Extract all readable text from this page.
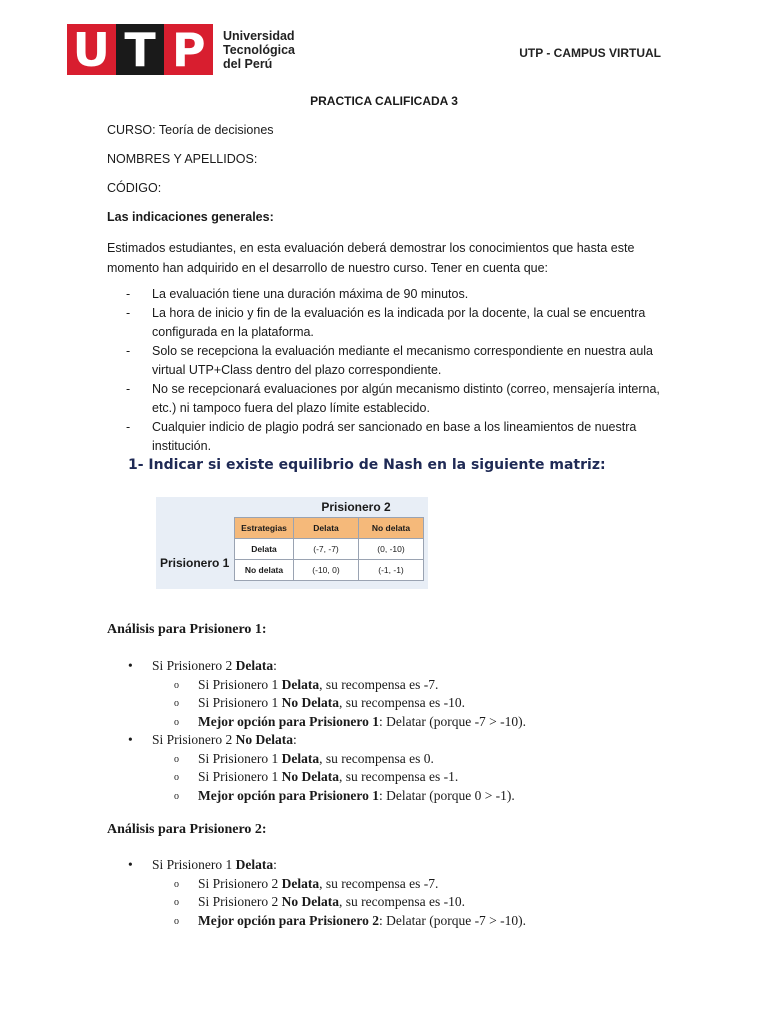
U T P	Universidad
Tecnológica
del Perú
UTP - CAMPUS VIRTUAL
PRACTICA CALIFICADA 3
CURSO: Teoría de decisiones
NOMBRES Y APELLIDOS:
CÓDIGO:
Las indicaciones generales:
Estimados estudiantes, en esta evaluación deberá demostrar los conocimientos que hasta este momento han adquirido en el desarrollo de nuestro curso. Tener en cuenta que:
- La evaluación tiene una duración máxima de 90 minutos.
- La hora de inicio y fin de la evaluación es la indicada por la docente, la cual se encuentra configurada en la plataforma.
- Solo se recepciona la evaluación mediante el mecanismo correspondiente en nuestra aula virtual UTP+Class dentro del plazo correspondiente.
- No se recepcionará evaluaciones por algún mecanismo distinto (correo, mensajería interna, etc.) ni tampoco fuera del plazo límite establecido.
- Cualquier indicio de plagio podrá ser sancionado en base a los lineamientos de nuestra institución.
1- Indicar si existe equilibrio de Nash en la siguiente matriz:
Prisionero 2
Prisionero 1
Estrategias	Delata	No delata
Delata	(-7, -7)	(0, -10)
No delata	(-10, 0)	(-1, -1)
Análisis para Prisionero 1:
• Si Prisionero 2 Delata:
o Si Prisionero 1 Delata, su recompensa es -7.
o Si Prisionero 1 No Delata, su recompensa es -10.
o Mejor opción para Prisionero 1: Delatar (porque -7 > -10).
• Si Prisionero 2 No Delata:
o Si Prisionero 1 Delata, su recompensa es 0.
o Si Prisionero 1 No Delata, su recompensa es -1.
o Mejor opción para Prisionero 1: Delatar (porque 0 > -1).
Análisis para Prisionero 2:
• Si Prisionero 1 Delata:
o Si Prisionero 2 Delata, su recompensa es -7.
o Si Prisionero 2 No Delata, su recompensa es -10.
o Mejor opción para Prisionero 2: Delatar (porque -7 > -10).
